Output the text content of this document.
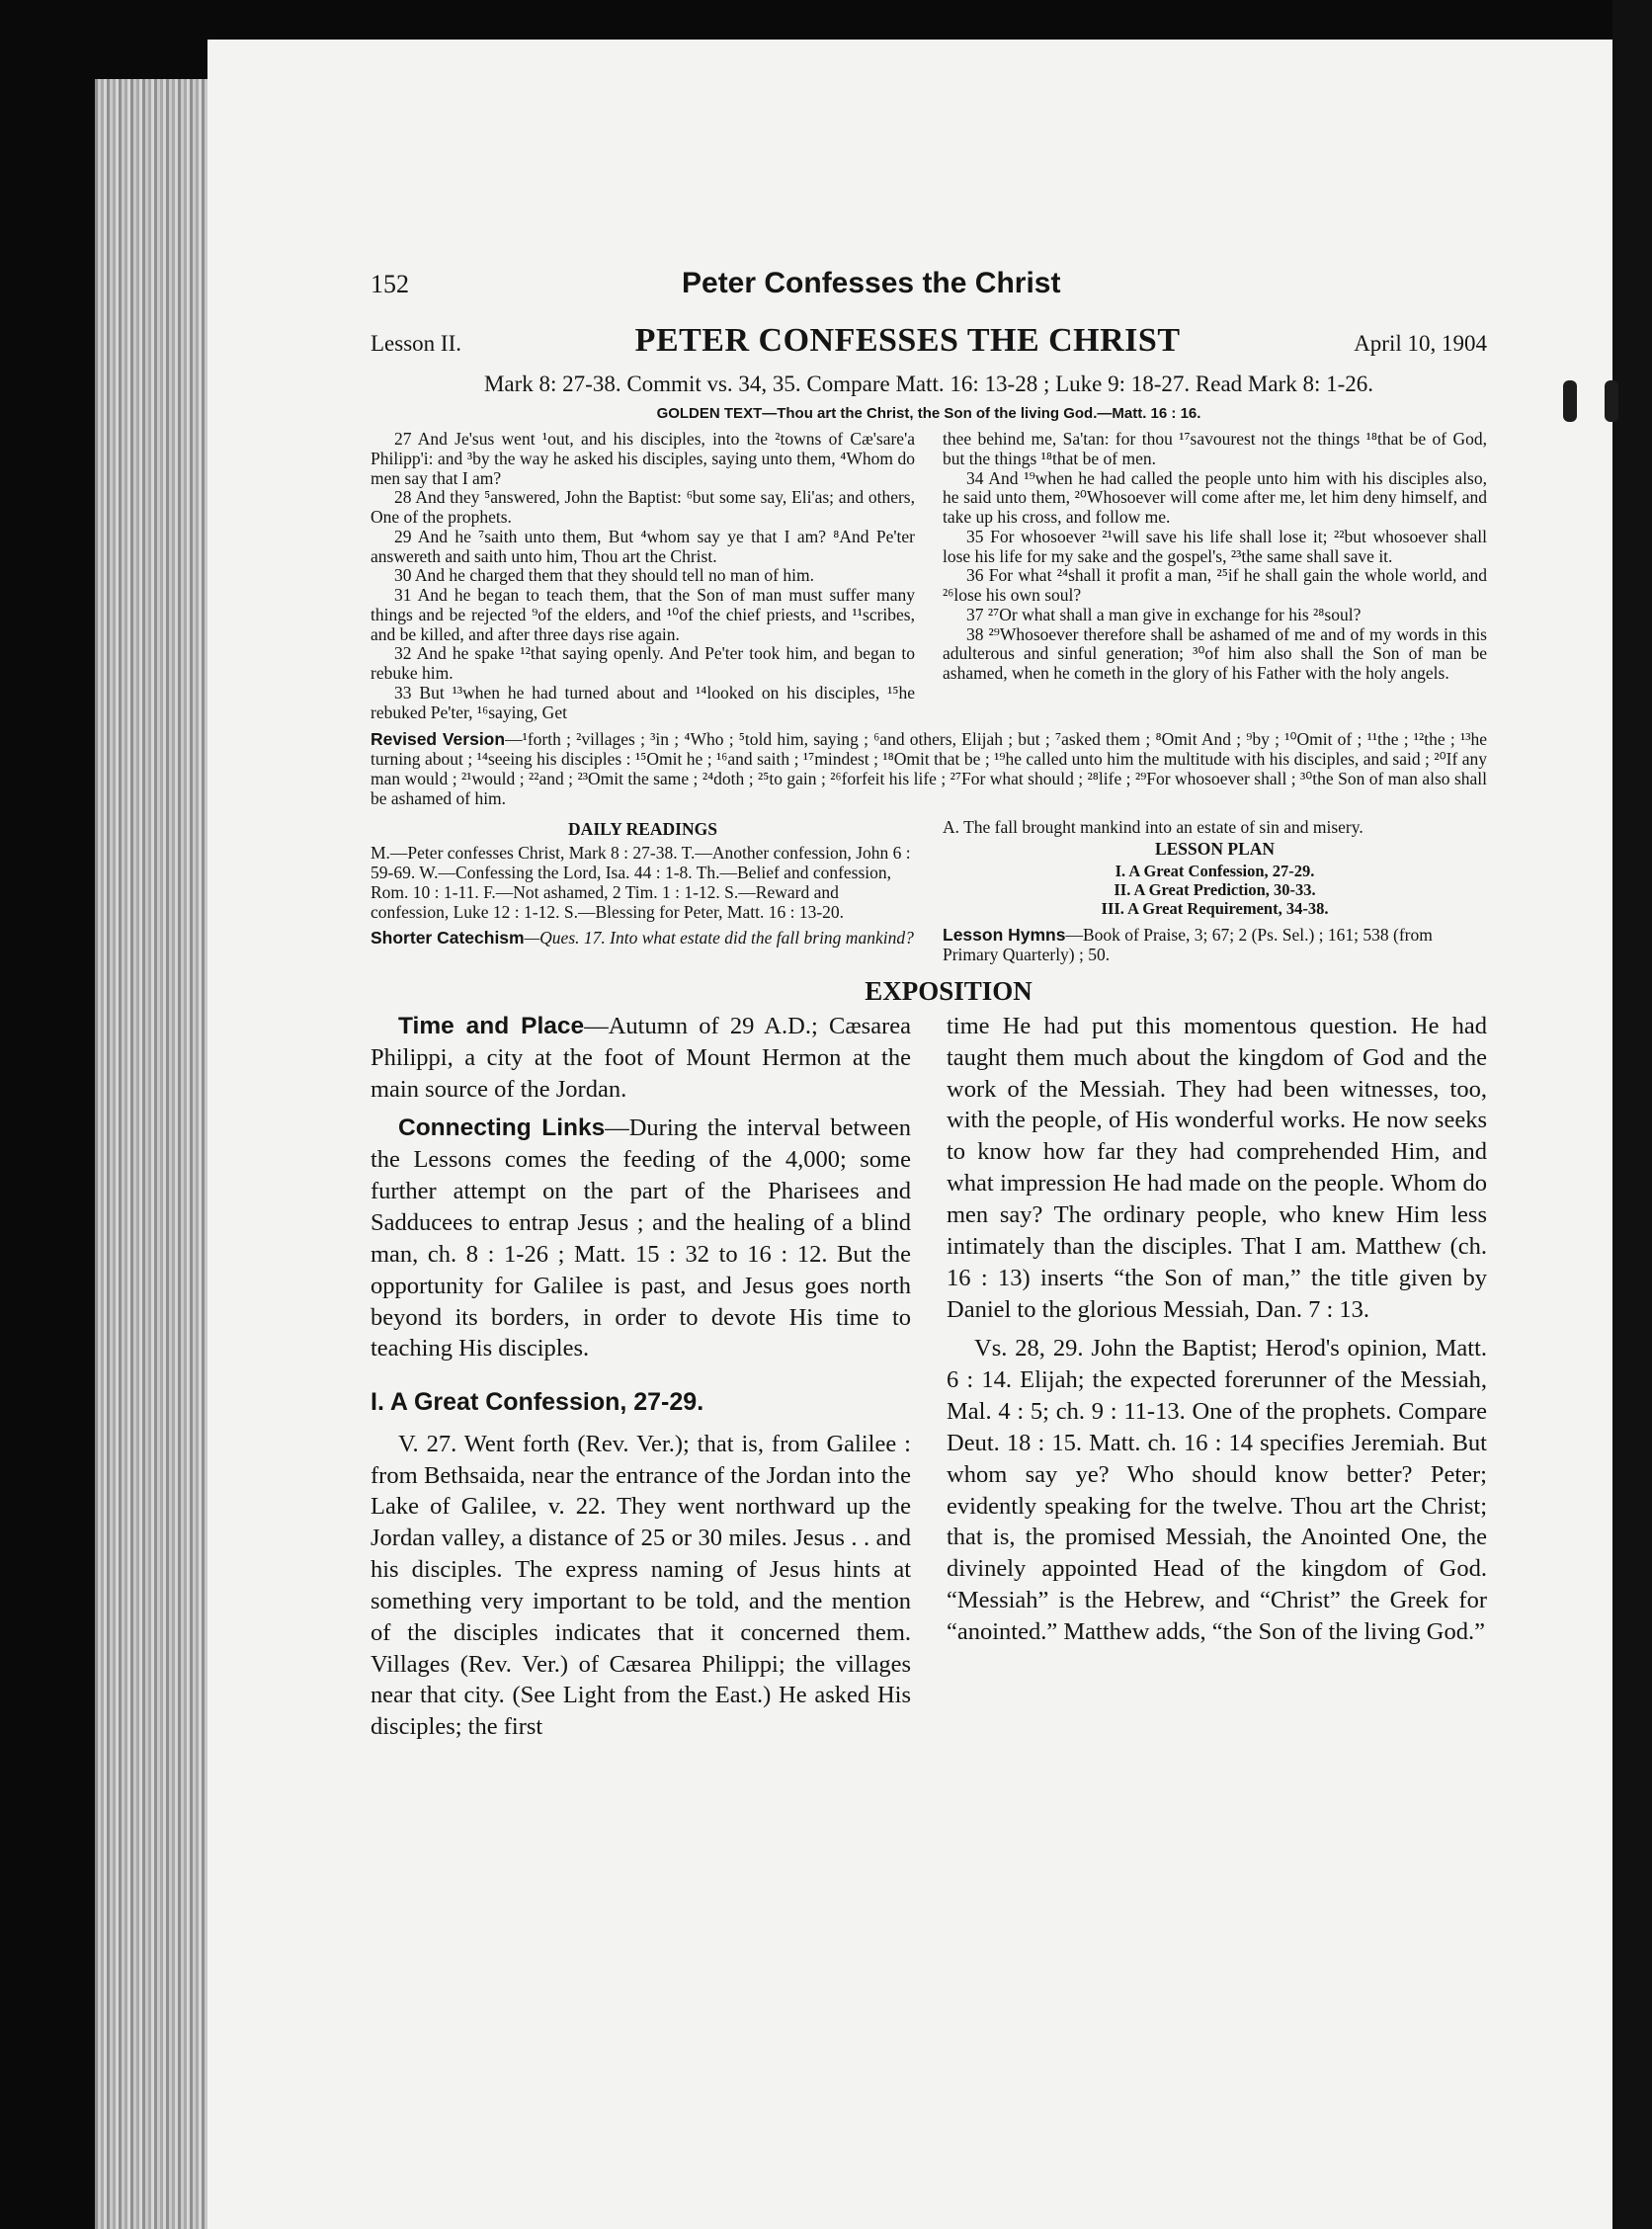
152	Peter Confesses the Christ
Lesson II.	PETER CONFESSES THE CHRIST	April 10, 1904
Mark 8: 27-38. Commit vs. 34, 35. Compare Matt. 16: 13-28 ; Luke 9: 18-27. Read Mark 8: 1-26.
GOLDEN TEXT—Thou art the Christ, the Son of the living God.—Matt. 16 : 16.

27 And Je'sus went ¹out, and his disciples, into the ²towns of Cæ'sare'a Philipp'i: and ³by the way he asked his disciples, saying unto them, ⁴Whom do men say that I am?

28 And they ⁵answered, John the Baptist: ⁶but some say, Eli'as; and others, One of the prophets.

29 And he ⁷saith unto them, But ⁴whom say ye that I am? ⁸And Pe'ter answereth and saith unto him, Thou art the Christ.

30 And he charged them that they should tell no man of him.

31 And he began to teach them, that the Son of man must suffer many things and be rejected ⁹of the elders, and ¹⁰of the chief priests, and ¹¹scribes, and be killed, and after three days rise again.

32 And he spake ¹²that saying openly. And Pe'ter took him, and began to rebuke him.

33 But ¹³when he had turned about and ¹⁴looked on his disciples, ¹⁵he rebuked Pe'ter, ¹⁶saying, Get

thee behind me, Sa'tan: for thou ¹⁷savourest not the things ¹⁸that be of God, but the things ¹⁸that be of men.

34 And ¹⁹when he had called the people unto him with his disciples also, he said unto them, ²⁰Whosoever will come after me, let him deny himself, and take up his cross, and follow me.

35 For whosoever ²¹will save his life shall lose it; ²²but whosoever shall lose his life for my sake and the gospel's, ²³the same shall save it.

36 For what ²⁴shall it profit a man, ²⁵if he shall gain the whole world, and ²⁶lose his own soul?

37 ²⁷Or what shall a man give in exchange for his ²⁸soul?

38 ²⁹Whosoever therefore shall be ashamed of me and of my words in this adulterous and sinful generation; ³⁰of him also shall the Son of man be ashamed, when he cometh in the glory of his Father with the holy angels.

Revised Version—¹forth ; ²villages ; ³in ; ⁴Who ; ⁵told him, saying ; ⁶and others, Elijah ; but ; ⁷asked them ; ⁸Omit And ; ⁹by ; ¹⁰Omit of ; ¹¹the ; ¹²the ; ¹³he turning about ; ¹⁴seeing his disciples : ¹⁵Omit he ; ¹⁶and saith ; ¹⁷mindest ; ¹⁸Omit that be ; ¹⁹he called unto him the multitude with his disciples, and said ; ²⁰If any man would ; ²¹would ; ²²and ; ²³Omit the same ; ²⁴doth ; ²⁵to gain ; ²⁶forfeit his life ; ²⁷For what should ; ²⁸life ; ²⁹For whosoever shall ; ³⁰the Son of man also shall be ashamed of him.
DAILY READINGS
M.—Peter confesses Christ, Mark 8 : 27-38. T.—Another confession, John 6 : 59-69. W.—Confessing the Lord, Isa. 44 : 1-8. Th.—Belief and confession, Rom. 10 : 1-11. F.—Not ashamed, 2 Tim. 1 : 1-12. S.—Reward and confession, Luke 12 : 1-12. S.—Blessing for Peter, Matt. 16 : 13-20.
Shorter Catechism—Ques. 17. Into what estate did the fall bring mankind?
A. The fall brought mankind into an estate of sin and misery.
LESSON PLAN
I. A Great Confession, 27-29.
II. A Great Prediction, 30-33.
III. A Great Requirement, 34-38.
Lesson Hymns—Book of Praise, 3; 67; 2 (Ps. Sel.) ; 161; 538 (from Primary Quarterly) ; 50.
EXPOSITION

Time and Place—Autumn of 29 A.D.; Cæsarea Philippi, a city at the foot of Mount Hermon at the main source of the Jordan.

Connecting Links—During the interval between the Lessons comes the feeding of the 4,000; some further attempt on the part of the Pharisees and Sadducees to entrap Jesus ; and the healing of a blind man, ch. 8 : 1-26 ; Matt. 15 : 32 to 16 : 12. But the opportunity for Galilee is past, and Jesus goes north beyond its borders, in order to devote His time to teaching His disciples.

I. A Great Confession, 27-29.

V. 27. Went forth (Rev. Ver.); that is, from Galilee : from Bethsaida, near the entrance of the Jordan into the Lake of Galilee, v. 22. They went northward up the Jordan valley, a distance of 25 or 30 miles. Jesus . . and his disciples. The express naming of Jesus hints at something very important to be told, and the mention of the disciples indicates that it concerned them. Villages (Rev. Ver.) of Cæsarea Philippi; the villages near that city. (See Light from the East.) He asked His disciples; the first

time He had put this momentous question. He had taught them much about the kingdom of God and the work of the Messiah. They had been witnesses, too, with the people, of His wonderful works. He now seeks to know how far they had comprehended Him, and what impression He had made on the people. Whom do men say? The ordinary people, who knew Him less intimately than the disciples. That I am. Matthew (ch. 16 : 13) inserts “the Son of man,” the title given by Daniel to the glorious Messiah, Dan. 7 : 13.

Vs. 28, 29. John the Baptist; Herod's opinion, Matt. 6 : 14. Elijah; the expected forerunner of the Messiah, Mal. 4 : 5; ch. 9 : 11-13. One of the prophets. Compare Deut. 18 : 15. Matt. ch. 16 : 14 specifies Jeremiah. But whom say ye? Who should know better? Peter; evidently speaking for the twelve. Thou art the Christ; that is, the promised Messiah, the Anointed One, the divinely appointed Head of the kingdom of God. “Messiah” is the Hebrew, and “Christ” the Greek for “anointed.” Matthew adds, “the Son of the living God.”
